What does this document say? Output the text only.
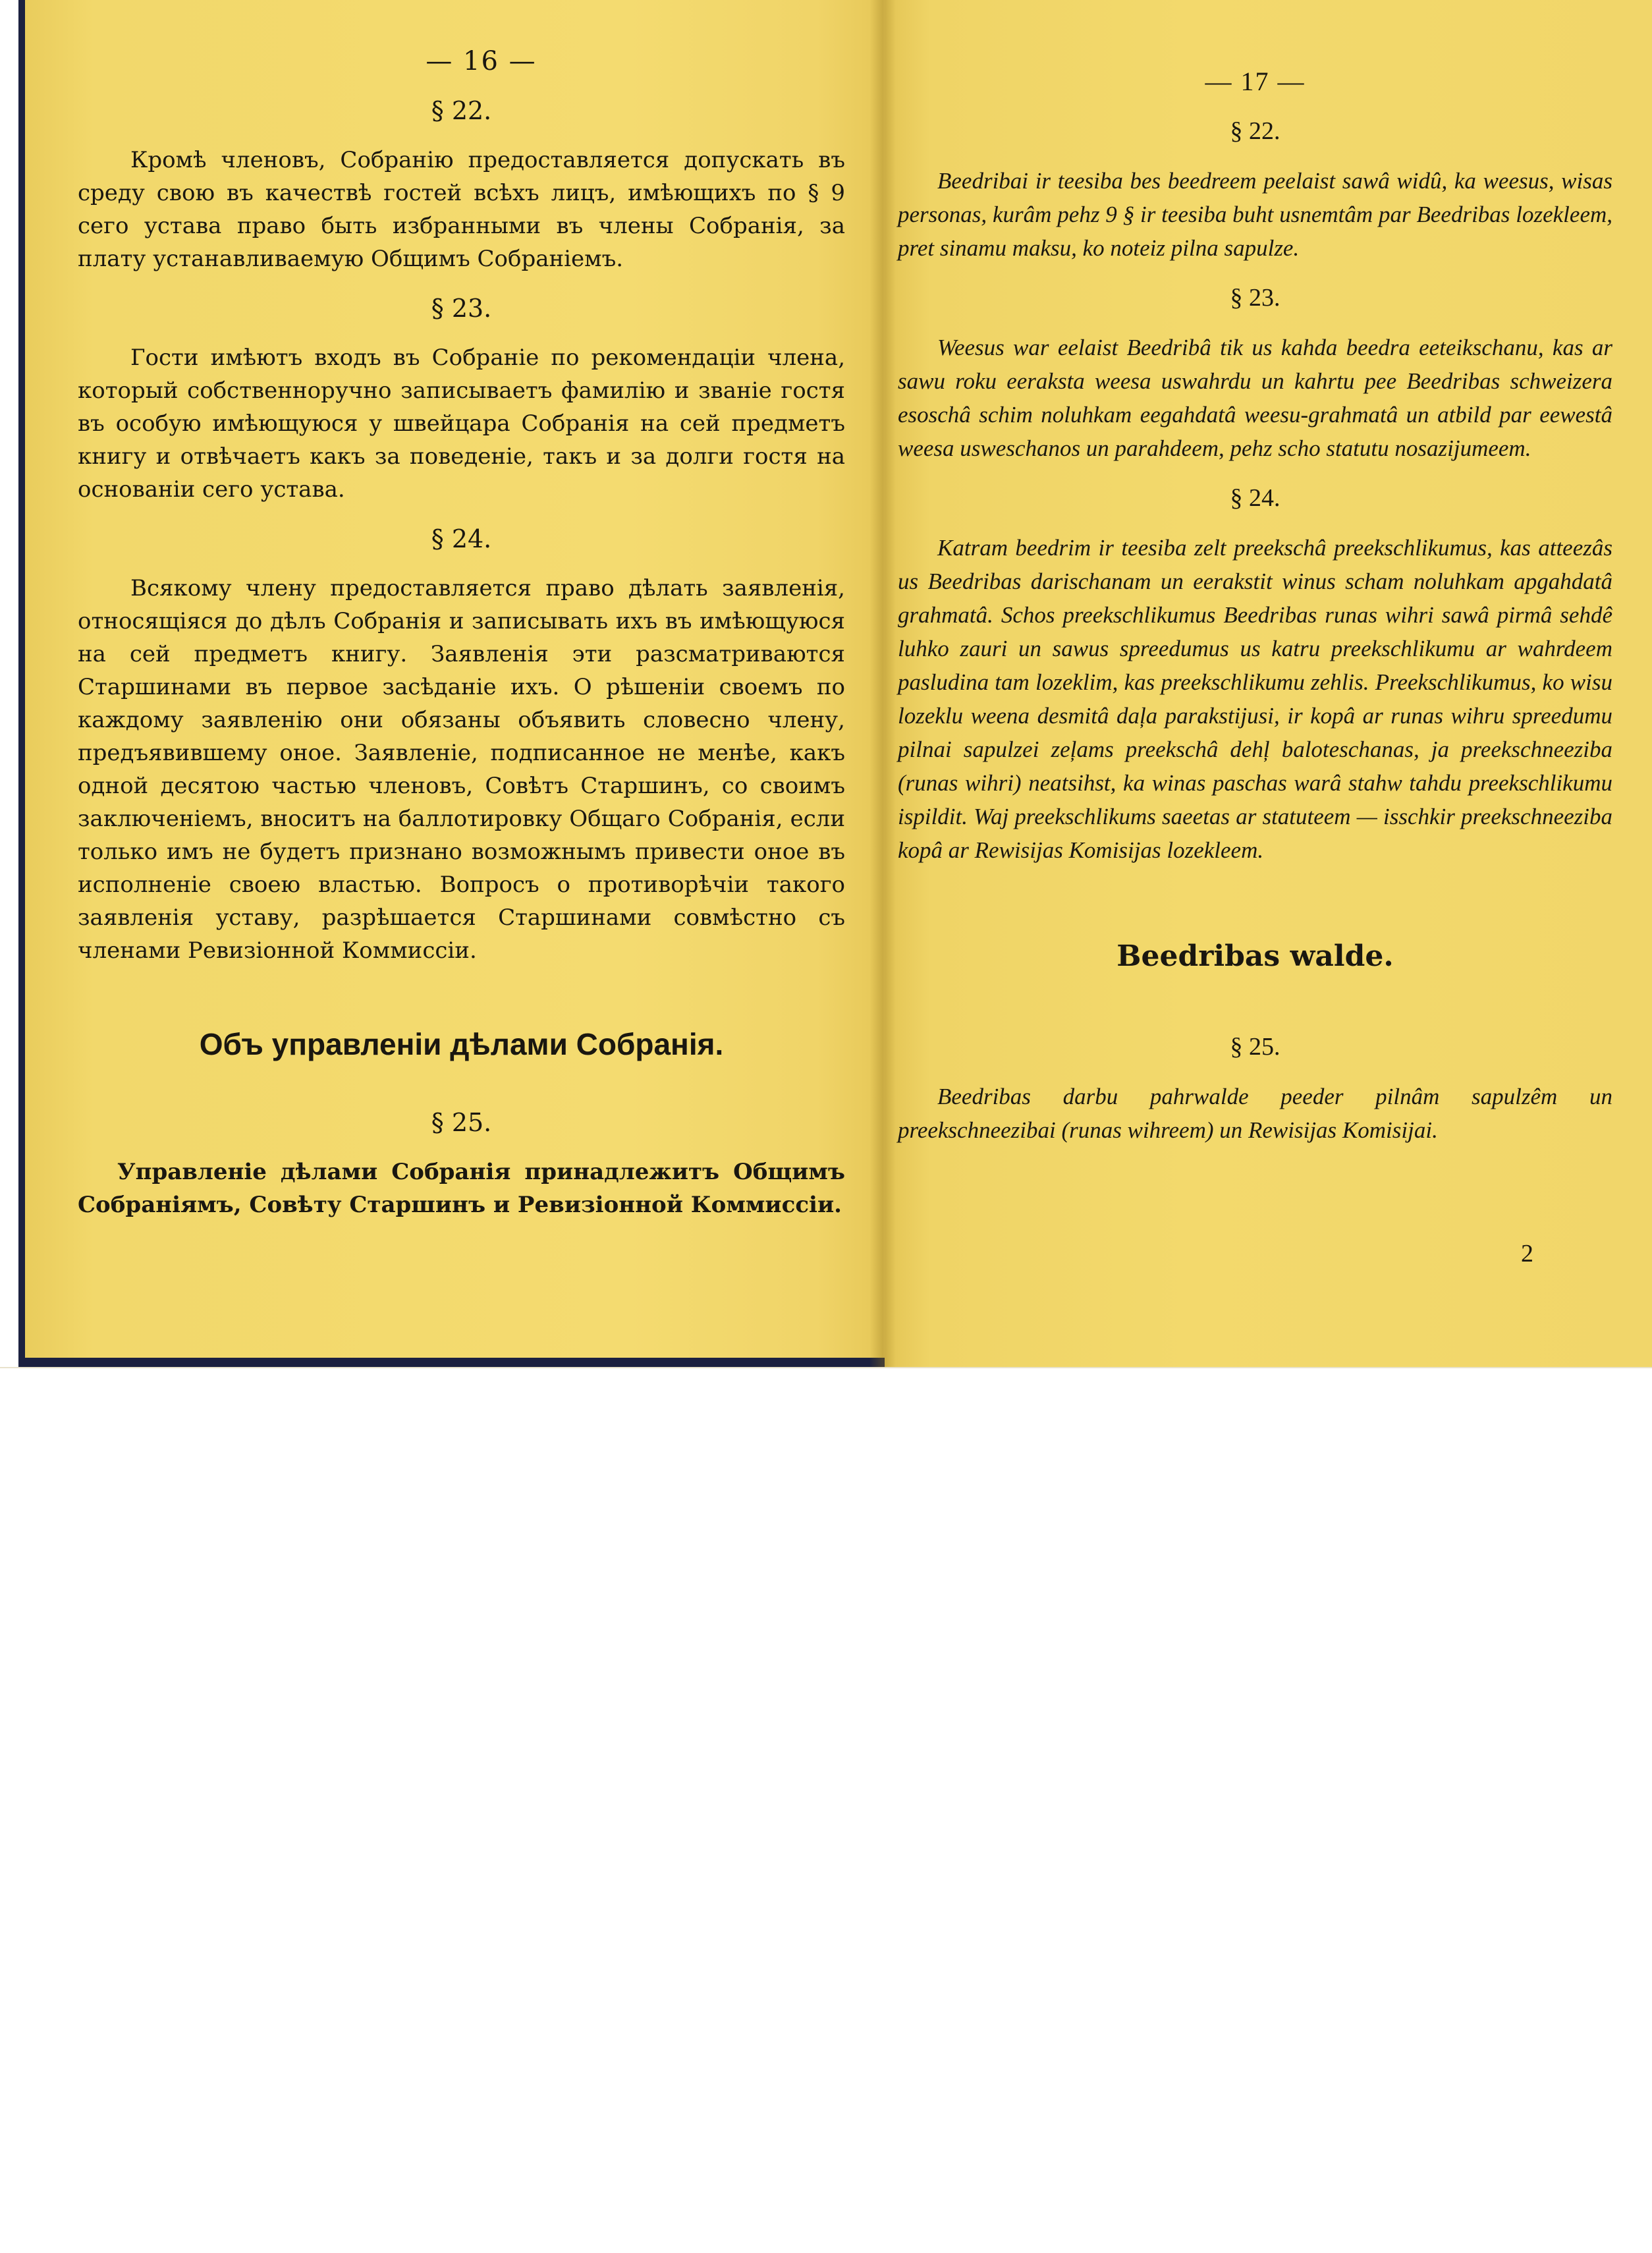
— 16 —
§ 22.

Кромѣ членовъ, Собранію предоставляется допускать въ среду свою въ качествѣ гостей всѣхъ лицъ, имѣющихъ по § 9 сего устава право быть избранными въ члены Собранія, за плату устанавливаемую Общимъ Собраніемъ.

§ 23.

Гости имѣютъ входъ въ Собраніе по рекомендаціи члена, который собственноручно записываетъ фамилію и званіе гостя въ особую имѣющуюся у швейцара Собранія на сей предметъ книгу и отвѣчаетъ какъ за поведеніе, такъ и за долги гостя на основаніи сего устава.

§ 24.

Всякому члену предоставляется право дѣлать заявленія, относящіяся до дѣлъ Собранія и записывать ихъ въ имѣющуюся на сей предметъ книгу. Заявленія эти разсматриваются Старшинами въ первое засѣданіе ихъ. О рѣшеніи своемъ по каждому заявленію они обязаны объявить словесно члену, предъявившему оное. Заявленіе, подписанное не менѣе, какъ одной десятою частью членовъ, Совѣтъ Старшинъ, со своимъ заключеніемъ, вноситъ на баллотировку Общаго Собранія, если только имъ не будетъ признано возможнымъ привести оное въ исполненіе своею властью. Вопросъ о противорѣчіи такого заявленія уставу, разрѣшается Старшинами совмѣстно съ членами Ревизіонной Коммиссіи.

Объ управленіи дѣлами Собранія.
§ 25.

Управленіе дѣлами Собранія принадлежитъ Общимъ Собраніямъ, Совѣту Старшинъ и Ревизіонной Коммиссіи.

— 17 —
§ 22.

Beedribai ir teesiba bes beedreem peelaist sawâ widû, ka weesus, wisas personas, kurâm pehz 9 § ir teesiba buht usnemtâm par Beedribas lozekleem, pret sinamu maksu, ko noteiz pilna sapulze.

§ 23.

Weesus war eelaist Beedribâ tik us kahda beedra eeteikschanu, kas ar sawu roku eeraksta weesa uswahrdu un kahrtu pee Beedribas schweizera esoschâ schim noluhkam eegahdatâ weesu-grahmatâ un atbild par eewestâ weesa usweschanos un parahdeem, pehz scho statutu nosazijumeem.

§ 24.

Katram beedrim ir teesiba zelt preekschâ preekschlikumus, kas atteezâs us Beedribas darischanam un eerakstit winus scham noluhkam apgahdatâ grahmatâ. Schos preekschlikumus Beedribas runas wihri sawâ pirmâ sehdê luhko zauri un sawus spreedumus us katru preekschlikumu ar wahrdeem pasludina tam lozeklim, kas preekschlikumu zehlis. Preekschlikumus, ko wisu lozeklu weena desmitâ daļa parakstijusi, ir kopâ ar runas wihru spreedumu pilnai sapulzei zeļams preekschâ dehļ baloteschanas, ja preekschneeziba (runas wihri) neatsihst, ka winas paschas warâ stahw tahdu preekschlikumu ispildit. Waj preekschlikums saeetas ar statuteem — isschkir preekschneeziba kopâ ar Rewisijas Komisijas lozekleem.

Beedribas walde.
§ 25.

Beedribas darbu pahrwalde peeder pilnâm sapulzêm un preekschneezibai (runas wihreem) un Rewisijas Komisijai.

2
